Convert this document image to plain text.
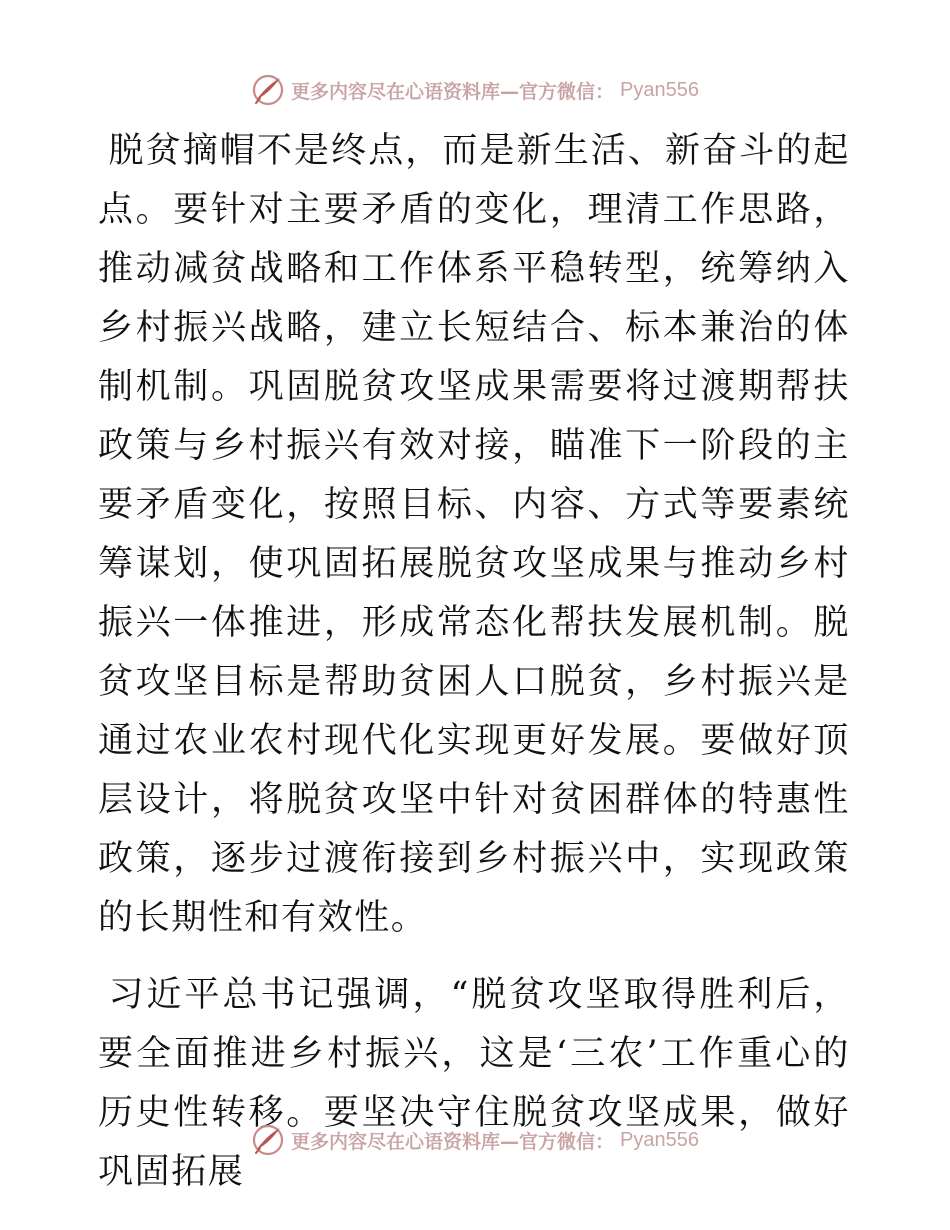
更多内容尽在心语资料库—官方微信： Pyan556

脱贫摘帽不是终点，而是新生活、新奋斗的起点。要针对主要矛盾的变化，理清工作思路，推动减贫战略和工作体系平稳转型，统筹纳入乡村振兴战略，建立长短结合、标本兼治的体制机制。巩固脱贫攻坚成果需要将过渡期帮扶政策与乡村振兴有效对接，瞄准下一阶段的主要矛盾变化，按照目标、内容、方式等要素统筹谋划，使巩固拓展脱贫攻坚成果与推动乡村振兴一体推进，形成常态化帮扶发展机制。脱贫攻坚目标是帮助贫困人口脱贫，乡村振兴是通过农业农村现代化实现更好发展。要做好顶层设计，将脱贫攻坚中针对贫困群体的特惠性政策，逐步过渡衔接到乡村振兴中，实现政策的长期性和有效性。

习近平总书记强调，“脱贫攻坚取得胜利后，要全面推进乡村振兴，这是‘三农’工作重心的历史性转移。要坚决守住脱贫攻坚成果，做好巩固拓展

更多内容尽在心语资料库—官方微信： Pyan556
